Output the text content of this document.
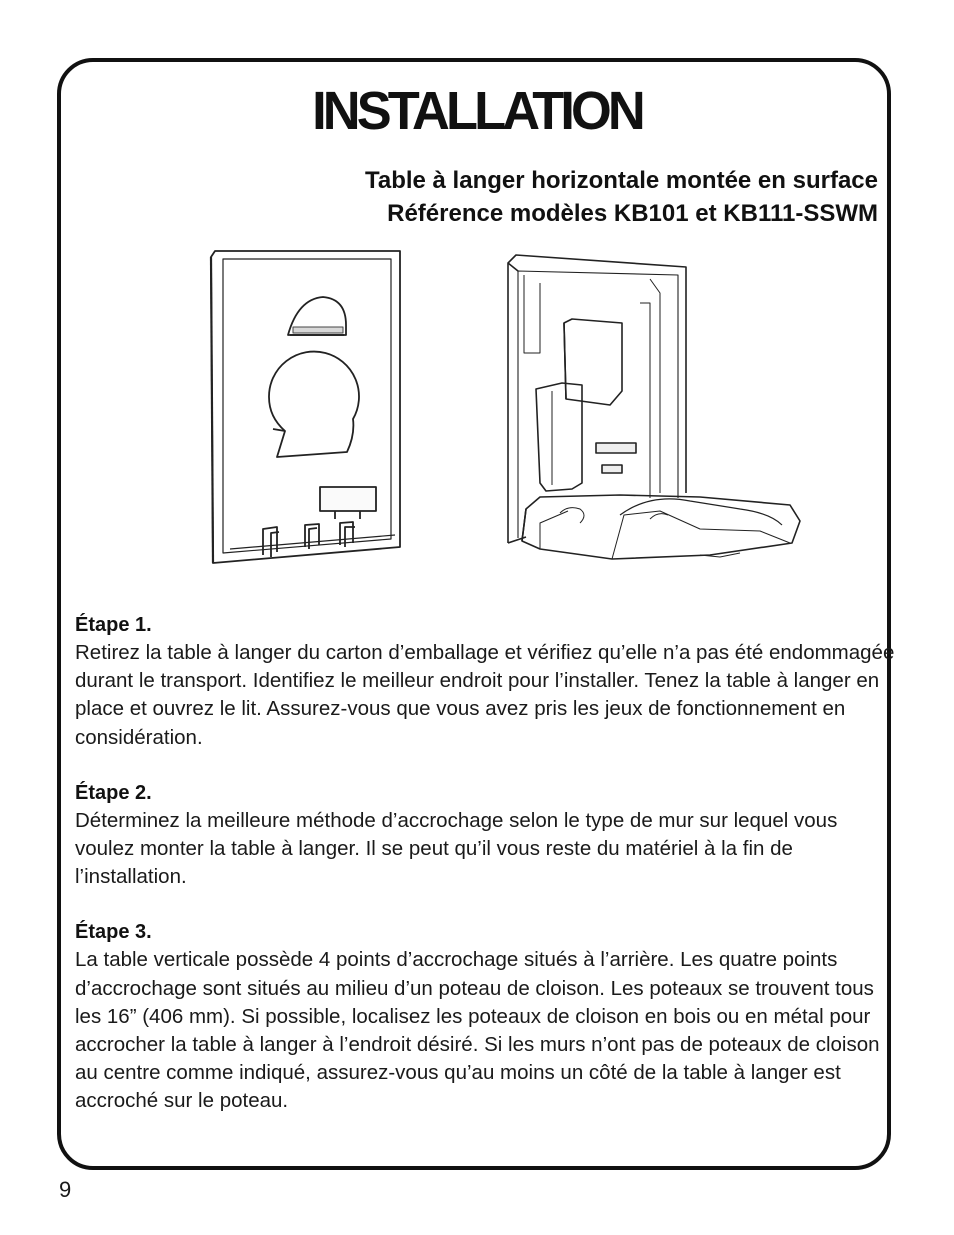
INSTALLATION
Table à langer horizontale montée en surface
Référence modèles KB101 et KB111-SSWM
Étape 1.

Retirez la table à langer du carton d’emballage et vérifiez qu’elle n’a pas été endommagée durant le transport. Identifiez le meilleur endroit pour l’installer. Tenez la table à langer en place et ouvrez le lit. Assurez-vous que vous avez pris les jeux de fonctionnement en considération.

Étape 2.

Déterminez la meilleure méthode d’accrochage selon le type de mur sur lequel vous voulez monter la table à langer. Il se peut qu’il vous reste du matériel à la fin de l’installation.

Étape 3.

La table verticale possède 4 points d’accrochage situés à l’arrière. Les quatre points d’accrochage sont situés au milieu d’un poteau de cloison. Les poteaux se trouvent tous les 16” (406 mm). Si possible, localisez les poteaux de cloison en bois ou en métal pour accrocher la table à langer à l’endroit désiré. Si les murs n’ont pas de poteaux de cloison au centre comme indiqué, assurez-vous qu’au moins un côté de la table à langer est accroché sur le poteau.

9
